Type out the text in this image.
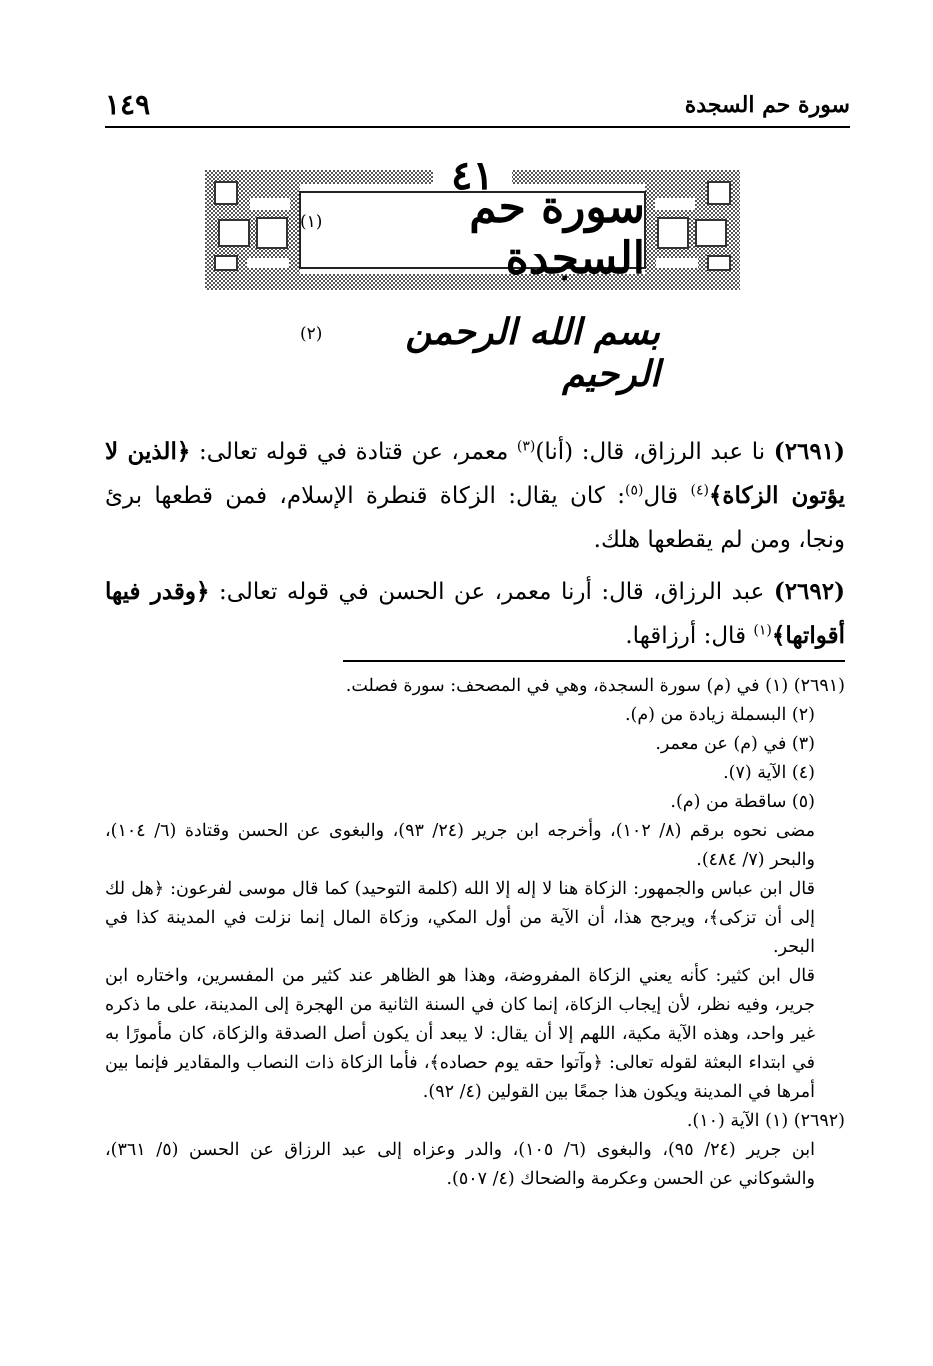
١٤٩	سورة حم السجدة
٤١
سورة حم السجدة
(١)
بسم الله الرحمن الرحيم
(٢)
(٢٦٩١) نا عبد الرزاق، قال: (أنا)$^{(٣)}$ معمر، عن قتادة في قوله تعالى: ﴿الذين لا يؤتون الزكاة﴾$^{(٤)}$ قال$^{(٥)}$: كان يقال: الزكاة قنطرة الإسلام، فمن قطعها برئ ونجا، ومن لم يقطعها هلك.
(٢٦٩٢) عبد الرزاق، قال: أرنا معمر، عن الحسن في قوله تعالى: ﴿وقدر فيها أقواتها﴾$^{(١)}$ قال: أرزاقها.
(٢٦٩١) (١) في (م) سورة السجدة، وهي في المصحف: سورة فصلت.
(٢) البسملة زيادة من (م).
(٣) في (م) عن معمر.
(٤) الآية (٧).
(٥) ساقطة من (م).
مضى نحوه برقم (٨/ ١٠٢)، وأخرجه ابن جرير (٢٤/ ٩٣)، والبغوى عن الحسن وقتادة (٦/ ١٠٤)، والبحر (٧/ ٤٨٤).
قال ابن عباس والجمهور: الزكاة هنا لا إله إلا الله (كلمة التوحيد) كما قال موسى لفرعون: ﴿هل لك إلى أن تزكى﴾، ويرجح هذا، أن الآية من أول المكي، وزكاة المال إنما نزلت في المدينة كذا في البحر.
قال ابن كثير: كأنه يعني الزكاة المفروضة، وهذا هو الظاهر عند كثير من المفسرين، واختاره ابن جرير، وفيه نظر، لأن إيجاب الزكاة، إنما كان في السنة الثانية من الهجرة إلى المدينة، على ما ذكره غير واحد، وهذه الآية مكية، اللهم إلا أن يقال: لا يبعد أن يكون أصل الصدقة والزكاة، كان مأمورًا به في ابتداء البعثة لقوله تعالى: ﴿وآتوا حقه يوم حصاده﴾، فأما الزكاة ذات النصاب والمقادير فإنما بين أمرها في المدينة ويكون هذا جمعًا بين القولين (٤/ ٩٢).
(٢٦٩٢) (١) الآية (١٠).
ابن جرير (٢٤/ ٩٥)، والبغوى (٦/ ١٠٥)، والدر وعزاه إلى عبد الرزاق عن الحسن (٥/ ٣٦١)، والشوكاني عن الحسن وعكرمة والضحاك (٤/ ٥٠٧).
